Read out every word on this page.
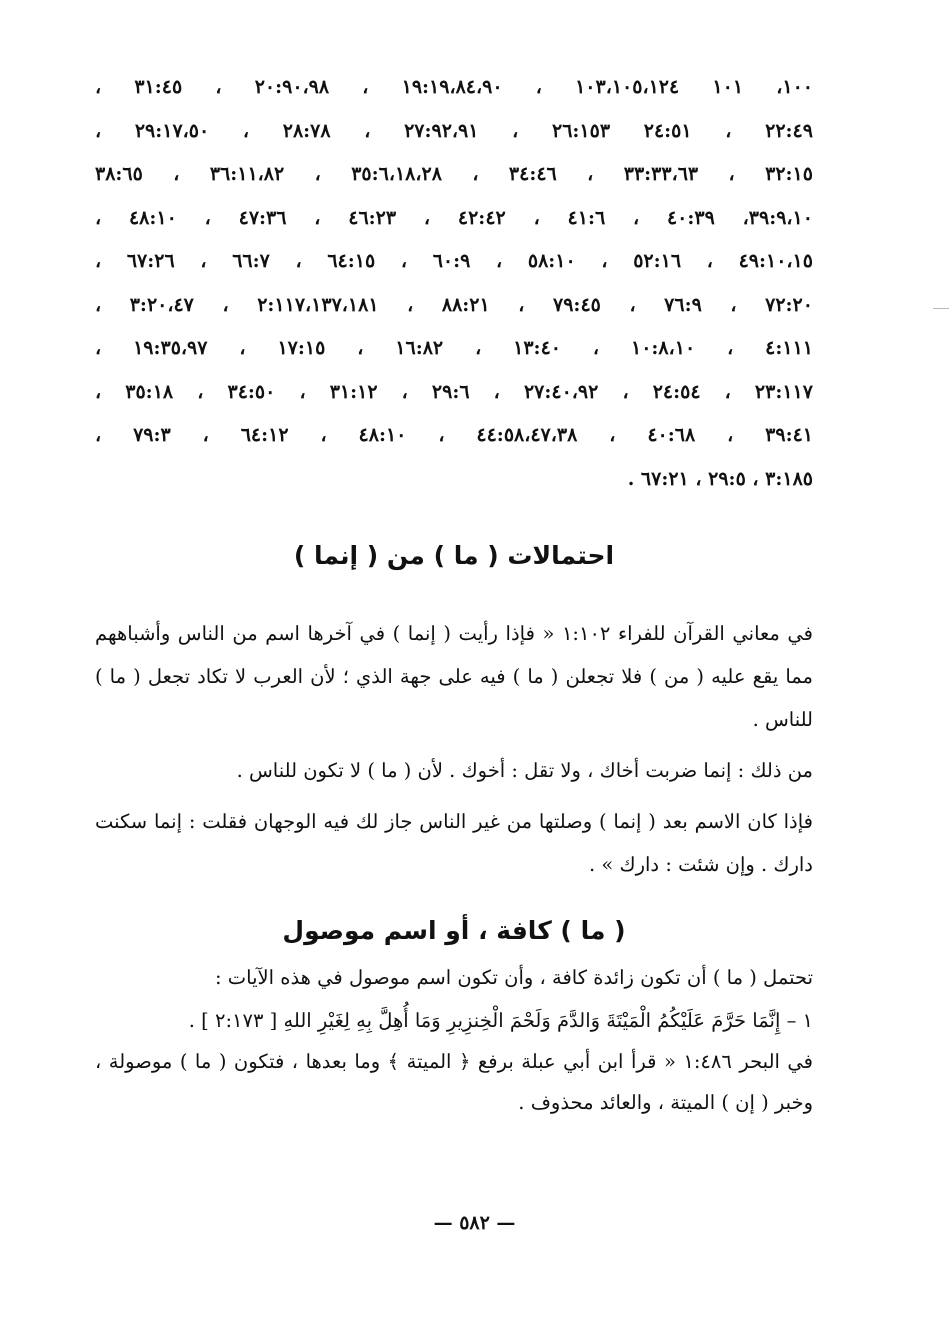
١٠٠، ١٠١ ١٠٣،١٠٥،١٢٤ ، ١٩:١٩،٨٤،٩٠ ، ٢٠:٩٠،٩٨ ، ٣١:٤٥ ،
٢٢:٤٩ ، ٢٤:٥١ ٢٦:١٥٣ ، ٢٧:٩٢،٩١ ، ٢٨:٧٨ ، ٢٩:١٧،٥٠ ،
٣٢:١٥ ، ٣٣:٣٣،٦٣ ، ٣٤:٤٦ ، ٣٥:٦،١٨،٢٨ ، ٣٦:١١،٨٢ ، ٣٨:٦٥
٣٩:٩،١٠، ٤٠:٣٩ ، ٤١:٦ ، ٤٢:٤٢ ، ٤٦:٢٣ ، ٤٧:٣٦ ، ٤٨:١٠ ،
٤٩:١٠،١٥ ، ٥٢:١٦ ، ٥٨:١٠ ، ٦٠:٩ ، ٦٤:١٥ ، ٦٦:٧ ، ٦٧:٢٦ ،
٧٢:٢٠ ، ٧٦:٩ ، ٧٩:٤٥ ، ٨٨:٢١ ، ٢:١١٧،١٣٧،١٨١ ، ٣:٢٠،٤٧ ،
٤:١١١ ، ١٠:٨،١٠ ، ١٣:٤٠ ، ١٦:٨٢ ، ١٧:١٥ ، ١٩:٣٥،٩٧ ،
٢٣:١١٧ ، ٢٤:٥٤ ، ٢٧:٤٠،٩٢ ، ٢٩:٦ ، ٣١:١٢ ، ٣٤:٥٠ ، ٣٥:١٨ ،
٣٩:٤١ ، ٤٠:٦٨ ، ٤٤:٥٨،٤٧،٣٨ ، ٤٨:١٠ ، ٦٤:١٢ ، ٧٩:٣ ،
٣:١٨٥ ، ٢٩:٥ ، ٦٧:٢١ .
احتمالات ( ما ) من ( إنما )

في معاني القرآن للفراء ١:١٠٢ « فإذا رأيت ( إنما ) في آخرها اسم من الناس وأشباههم مما يقع عليه ( من ) فلا تجعلن ( ما ) فيه على جهة الذي ؛ لأن العرب لا تكاد تجعل ( ما ) للناس .

من ذلك : إنما ضربت أخاك ، ولا تقل : أخوك . لأن ( ما ) لا تكون للناس .

فإذا كان الاسم بعد ( إنما ) وصلتها من غير الناس جاز لك فيه الوجهان فقلت : إنما سكنت دارك . وإن شئت : دارك » .

( ما ) كافة ، أو اسم موصول

تحتمل ( ما ) أن تكون زائدة كافة ، وأن تكون اسم موصول في هذه الآيات :

١ – إِنَّمَا حَرَّمَ عَلَيْكُمُ الْمَيْتَةَ وَالدَّمَ وَلَحْمَ الْخِنزِيرِ وَمَا أُهِلَّ بِهِ لِغَيْرِ اللهِ [ ٢:١٧٣ ] .

في البحر ١:٤٨٦ « قرأ ابن أبي عبلة برفع ﴿ الميتة ﴾ وما بعدها ، فتكون ( ما ) موصولة ، وخبر ( إن ) الميتة ، والعائد محذوف .

— ٥٨٢ —
